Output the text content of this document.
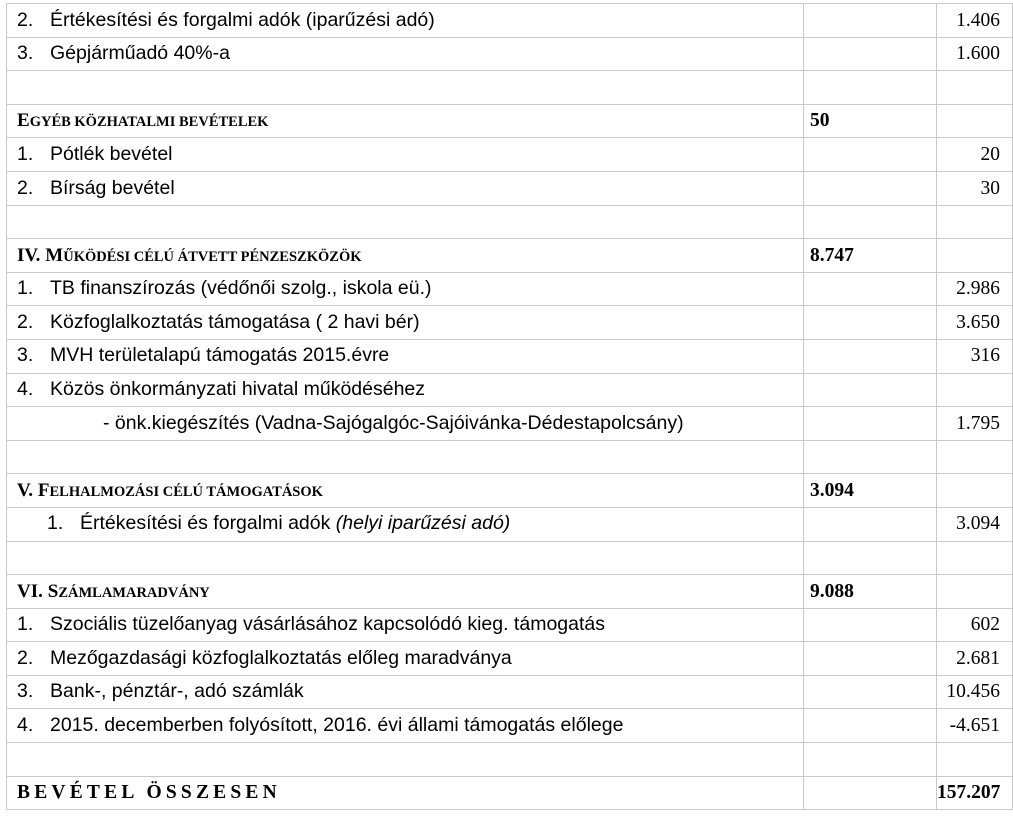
2. Értékesítési és forgalmi adók (iparűzési adó)		1.406
3. Gépjárműadó 40%-a		1.600

EGYÉB KÖZHATALMI BEVÉTELEK	50	
1. Pótlék bevétel		20
2. Bírság bevétel		30

IV. MŰKÖDÉSI CÉLÚ ÁTVETT PÉNZESZKÖZÖK	8.747	
1. TB finanszírozás (védőnői szolg., iskola eü.)		2.986
2. Közfoglalkoztatás támogatása ( 2 havi bér)		3.650
3. MVH területalapú támogatás 2015.évre		316
4. Közös önkormányzati hivatal működéséhez		
- önk.kiegészítés (Vadna-Sajógalgóc-Sajóivánka-Dédestapolcsány)		1.795

V. FELHALMOZÁSI CÉLÚ TÁMOGATÁSOK	3.094	
1. Értékesítési és forgalmi adók (helyi iparűzési adó)		3.094

VI. SZÁMLAMARADVÁNY	9.088	
1. Szociális tüzelőanyag vásárlásához kapcsolódó kieg. támogatás		602
2. Mezőgazdasági közfoglalkoztatás előleg maradványa		2.681
3. Bank-, pénztár-, adó számlák		10.456
4. 2015. decemberben folyósított, 2016. évi állami támogatás előlege		-4.651

BEVÉTEL ÖSSZESEN		157.207
